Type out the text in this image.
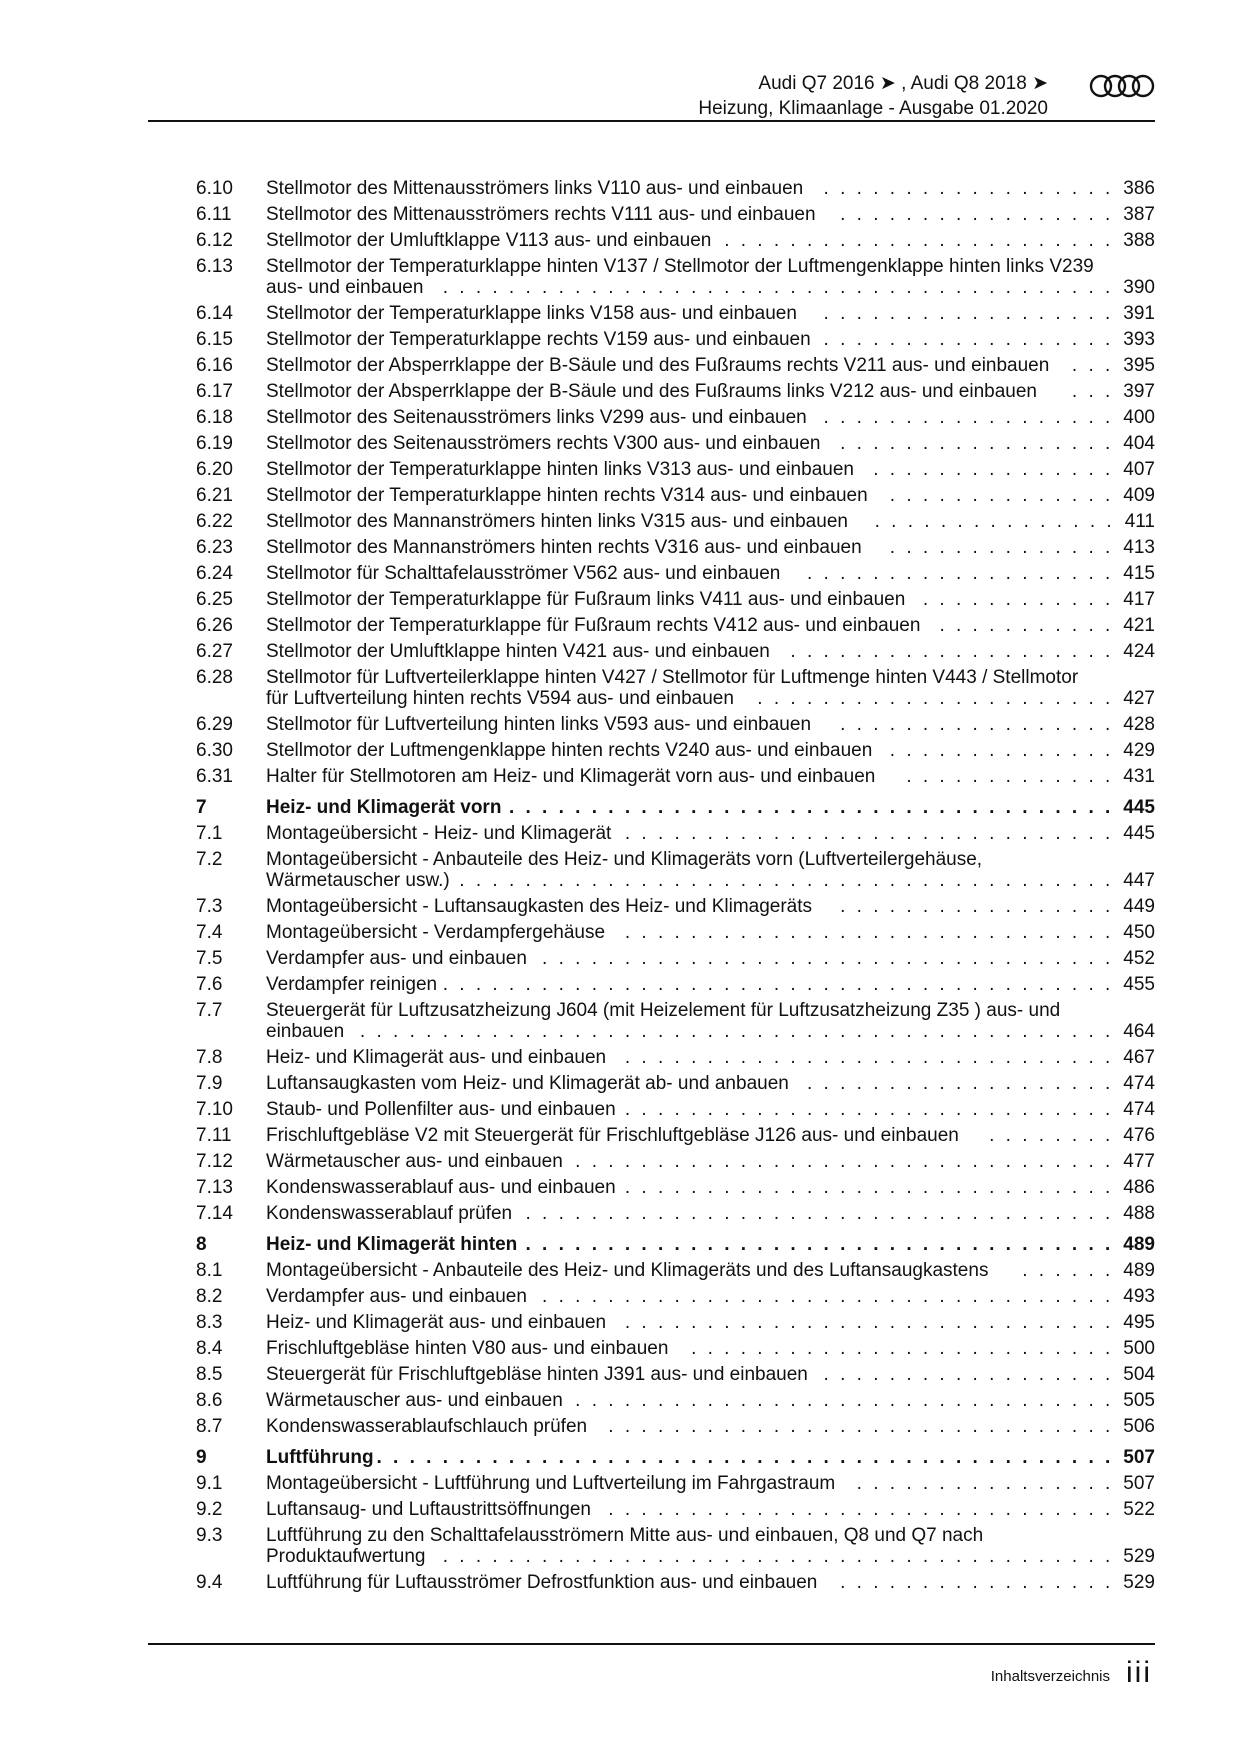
Audi Q7 2016 ➤ , Audi Q8 2018 ➤
Heizung, Klimaanlage - Ausgabe 01.2020
6.10 Stellmotor des Mittenausströmers links V110 aus- und einbauen	. . . . . . . . . . . . . . . . . . 386
6.11 Stellmotor des Mittenausströmers rechts V111 aus- und einbauen	. . . . . . . . . . . . . . . . . 387
6.12 Stellmotor der Umluftklappe V113 aus- und einbauen . . . . . . . . . . . . . . . . . . . . . . . . 388
6.13 Stellmotor der Temperaturklappe hinten V137 / Stellmotor der Luftmengenklappe hinten links V239 aus- und einbauen	. . . . . . . . . . . . . . . . . . . . . . . . . . . . . . . . . . . . . . . . . 390
6.14 Stellmotor der Temperaturklappe links V158 aus- und einbauen	. . . . . . . . . . . . . . . . . . 391
6.15 Stellmotor der Temperaturklappe rechts V159 aus- und einbauen . . . . . . . . . . . . . . . . . . 393
6.16 Stellmotor der Absperrklappe der B-Säule und des Fußraums rechts V211 aus- und einbauen	. . . 395
6.17 Stellmotor der Absperrklappe der B-Säule und des Fußraums links V212 aus- und einbauen	. . . 397
6.18 Stellmotor des Seitenausströmers links V299 aus- und einbauen . . . . . . . . . . . . . . . . . . 400
6.19 Stellmotor des Seitenausströmers rechts V300 aus- und einbauen	. . . . . . . . . . . . . . . . . 404
6.20 Stellmotor der Temperaturklappe hinten links V313 aus- und einbauen	. . . . . . . . . . . . . . . 407
6.21 Stellmotor der Temperaturklappe hinten rechts V314 aus- und einbauen	. . . . . . . . . . . . . . 409
6.22 Stellmotor des Mannanströmers hinten links V315 aus- und einbauen	. . . . . . . . . . . . . . . 411
6.23 Stellmotor des Mannanströmers hinten rechts V316 aus- und einbauen	. . . . . . . . . . . . . . 413
6.24 Stellmotor für Schalttafelausströmer V562 aus- und einbauen	. . . . . . . . . . . . . . . . . . . 415
6.25 Stellmotor der Temperaturklappe für Fußraum links V411 aus- und einbauen . . . . . . . . . . . . 417
6.26 Stellmotor der Temperaturklappe für Fußraum rechts V412 aus- und einbauen . . . . . . . . . . . 421
6.27 Stellmotor der Umluftklappe hinten V421 aus- und einbauen	. . . . . . . . . . . . . . . . . . . . 424
6.28 Stellmotor für Luftverteilerklappe hinten V427 / Stellmotor für Luftmenge hinten V443 / Stellmotor für Luftverteilung hinten rechts V594 aus- und einbauen	. . . . . . . . . . . . . . . . . . . . . . 427
6.29 Stellmotor für Luftverteilung hinten links V593 aus- und einbauen	. . . . . . . . . . . . . . . . . 428
6.30 Stellmotor der Luftmengenklappe hinten rechts V240 aus- und einbauen . . . . . . . . . . . . . . 429
6.31 Halter für Stellmotoren am Heiz- und Klimagerät vorn aus- und einbauen	. . . . . . . . . . . . . 431
7	Heiz- und Klimagerät vorn . . . . . . . . . . . . . . . . . . . . . . . . . . . . . . . . . . . . . 445
7.1 Montageübersicht - Heiz- und Klimagerät . . . . . . . . . . . . . . . . . . . . . . . . . . . . . . 445
7.2 Montageübersicht - Anbauteile des Heiz- und Klimageräts vorn (Luftverteilergehäuse, Wärmetauscher usw.) . . . . . . . . . . . . . . . . . . . . . . . . . . . . . . . . . . . . . . . . 447
7.3 Montageübersicht - Luftansaugkasten des Heiz- und Klimageräts	. . . . . . . . . . . . . . . . . 449
7.4 Montageübersicht - Verdampfergehäuse	. . . . . . . . . . . . . . . . . . . . . . . . . . . . . . 450
7.5 Verdampfer aus- und einbauen . . . . . . . . . . . . . . . . . . . . . . . . . . . . . . . . . . . 452
7.6 Verdampfer reinigen . . . . . . . . . . . . . . . . . . . . . . . . . . . . . . . . . . . . . . . . . 455
7.7 Steuergerät für Luftzusatzheizung J604 (mit Heizelement für Luftzusatzheizung Z35 ) aus- und einbauen . . . . . . . . . . . . . . . . . . . . . . . . . . . . . . . . . . . . . . . . . . . . . . 464
7.8 Heiz- und Klimagerät aus- und einbauen . . . . . . . . . . . . . . . . . . . . . . . . . . . . . . 467
7.9 Luftansaugkasten vom Heiz- und Klimagerät ab- und anbauen . . . . . . . . . . . . . . . . . . . 474
7.10 Staub- und Pollenfilter aus- und einbauen . . . . . . . . . . . . . . . . . . . . . . . . . . . . . . 474
7.11 Frischluftgebläse V2 mit Steuergerät für Frischluftgebläse J126 aus- und einbauen	. . . . . . . . 476
7.12 Wärmetauscher aus- und einbauen . . . . . . . . . . . . . . . . . . . . . . . . . . . . . . . . . 477
7.13 Kondenswasserablauf aus- und einbauen . . . . . . . . . . . . . . . . . . . . . . . . . . . . . . 486
7.14 Kondenswasserablauf prüfen . . . . . . . . . . . . . . . . . . . . . . . . . . . . . . . . . . . . 488
8	Heiz- und Klimagerät hinten . . . . . . . . . . . . . . . . . . . . . . . . . . . . . . . . . . . . 489
8.1 Montageübersicht - Anbauteile des Heiz- und Klimageräts und des Luftansaugkastens	. . . . . . 489
8.2 Verdampfer aus- und einbauen . . . . . . . . . . . . . . . . . . . . . . . . . . . . . . . . . . . 493
8.3 Heiz- und Klimagerät aus- und einbauen . . . . . . . . . . . . . . . . . . . . . . . . . . . . . . 495
8.4 Frischluftgebläse hinten V80 aus- und einbauen	. . . . . . . . . . . . . . . . . . . . . . . . . . 500
8.5 Steuergerät für Frischluftgebläse hinten J391 aus- und einbauen . . . . . . . . . . . . . . . . . . 504
8.6 Wärmetauscher aus- und einbauen . . . . . . . . . . . . . . . . . . . . . . . . . . . . . . . . . 505
8.7 Kondenswasserablaufschlauch prüfen	. . . . . . . . . . . . . . . . . . . . . . . . . . . . . . . 506
9	Luftführung . . . . . . . . . . . . . . . . . . . . . . . . . . . . . . . . . . . . . . . . . . . . . 507
9.1 Montageübersicht - Luftführung und Luftverteilung im Fahrgastraum	. . . . . . . . . . . . . . . . 507
9.2 Luftansaug- und Luftaustrittsöffnungen . . . . . . . . . . . . . . . . . . . . . . . . . . . . . . . 522
9.3 Luftführung zu den Schalttafelausströmern Mitte aus- und einbauen, Q8 und Q7 nach Produktaufwertung . . . . . . . . . . . . . . . . . . . . . . . . . . . . . . . . . . . . . . . . . 529
9.4 Luftführung für Luftausströmer Defrostfunktion aus- und einbauen	. . . . . . . . . . . . . . . . . 529
Inhaltsverzeichnis iii
